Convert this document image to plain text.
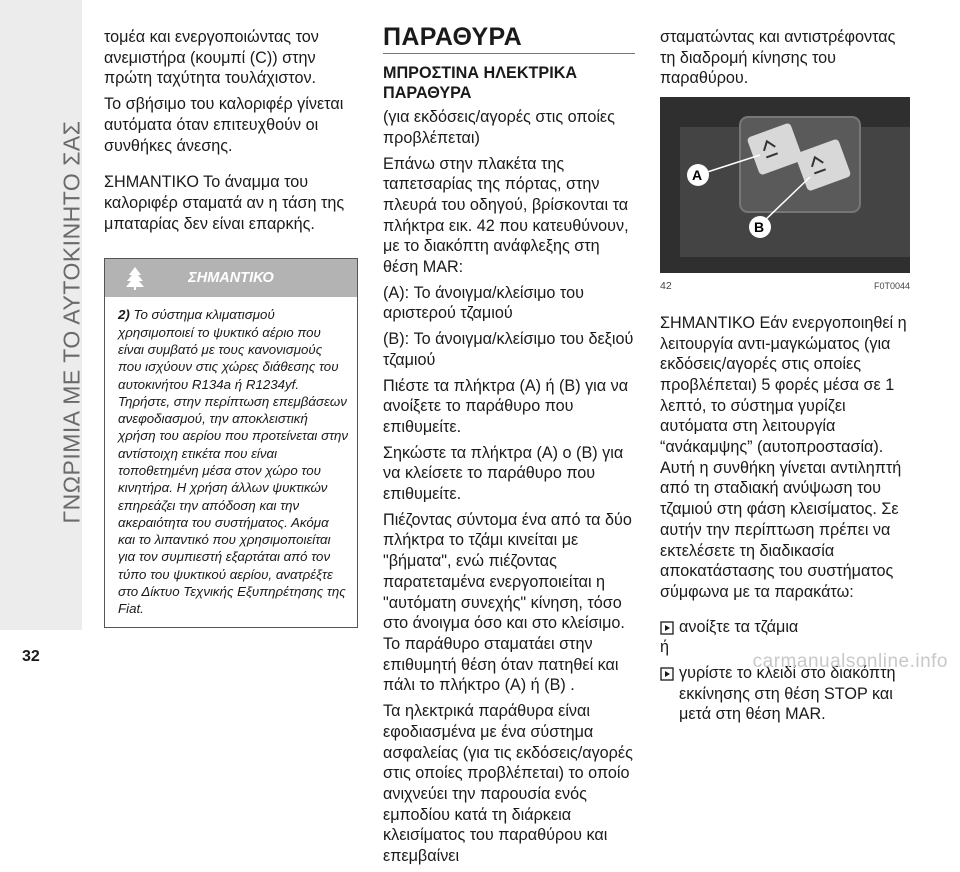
ΓΝΩΡΙΜΙΑ ΜΕ ΤΟ ΑΥΤΟΚΙΝΗΤΟ ΣΑΣ
32

τομέα και ενεργοποιώντας τον ανεμιστήρα (κουμπί (C)) στην πρώτη ταχύτητα τουλάχιστον.

Το σβήσιμο του καλοριφέρ γίνεται αυτόματα όταν επιτευχθούν οι συνθήκες άνεσης.

ΣΗΜΑΝΤΙΚΟ Το άναμμα του καλοριφέρ σταματά αν η τάση της μπαταρίας δεν είναι επαρκής.

ΣΗΜΑΝΤΙΚΟ
2) Το σύστημα κλιματισμού χρησιμοποιεί το ψυκτικό αέριο που είναι συμβατό με τους κανονισμούς που ισχύουν στις χώρες διάθεσης του αυτοκινήτου R134a ή R1234yf. Τηρήστε, στην περίπτωση επεμβάσεων ανεφοδιασμού, την αποκλειστική χρήση του αερίου που προτείνεται στην αντίστοιχη ετικέτα που είναι τοποθετημένη μέσα στον χώρο του κινητήρα. Η χρήση άλλων ψυκτικών επηρεάζει την απόδοση και την ακεραιότητα του συστήματος. Ακόμα και το λιπαντικό που χρησιμοποιείται για τον συμπιεστή εξαρτάται από τον τύπο του ψυκτικού αερίου, ανατρέξτε στο Δίκτυο Τεχνικής Εξυπηρέτησης της Fiat.
ΠΑΡΑΘΥΡΑ
ΜΠΡΟΣΤΙΝΑ ΗΛΕΚΤΡΙΚΑ ΠΑΡΑΘΥΡΑ

(για εκδόσεις/αγορές στις οποίες προβλέπεται)

Επάνω στην πλακέτα της ταπετσαρίας της πόρτας, στην πλευρά του οδηγού, βρίσκονται τα πλήκτρα εικ. 42 που κατευθύνουν, με το διακόπτη ανάφλεξης στη θέση MAR:

(A): Το άνοιγμα/κλείσιμο του αριστερού τζαμιού

(B): Το άνοιγμα/κλείσιμο του δεξιού τζαμιού

Πιέστε τα πλήκτρα (A) ή (B) για να ανοίξετε το παράθυρο που επιθυμείτε.

Σηκώστε τα πλήκτρα (A) ο (B) για να κλείσετε το παράθυρο που επιθυμείτε.

Πιέζοντας σύντομα ένα από τα δύο πλήκτρα το τζάμι κινείται με "βήματα", ενώ πιέζοντας παρατεταμένα ενεργοποιείται η "αυτόματη συνεχής" κίνηση, τόσο στο άνοιγμα όσο και στο κλείσιμο. Το παράθυρο σταματάει στην επιθυμητή θέση όταν πατηθεί και πάλι το πλήκτρο (A) ή (B) .

Τα ηλεκτρικά παράθυρα είναι εφοδιασμένα με ένα σύστημα ασφαλείας (για τις εκδόσεις/αγορές στις οποίες προβλέπεται) το οποίο ανιχνεύει την παρουσία ενός εμποδίου κατά τη διάρκεια κλεισίματος του παραθύρου και επεμβαίνει

σταματώντας και αντιστρέφοντας τη διαδρομή κίνησης του παραθύρου.

A
B
42	F0T0044

ΣΗΜΑΝΤΙΚΟ Εάν ενεργοποιηθεί η λειτουργία αντι-μαγκώματος (για εκδόσεις/αγορές στις οποίες προβλέπεται) 5 φορές μέσα σε 1 λεπτό, το σύστημα γυρίζει αυτόματα στη λειτουργία “ανάκαμψης” (αυτοπροστασία). Αυτή η συνθήκη γίνεται αντιληπτή από τη σταδιακή ανύψωση του τζαμιού στη φάση κλεισίματος. Σε αυτήν την περίπτωση πρέπει να εκτελέσετε τη διαδικασία αποκατάστασης του συστήματος σύμφωνα με τα παρακάτω:

ανοίξτε τα τζάμια

ή

γυρίστε το κλειδί στο διακόπτη εκκίνησης στη θέση STOP και μετά στη θέση MAR.
carmanualsonline.info
